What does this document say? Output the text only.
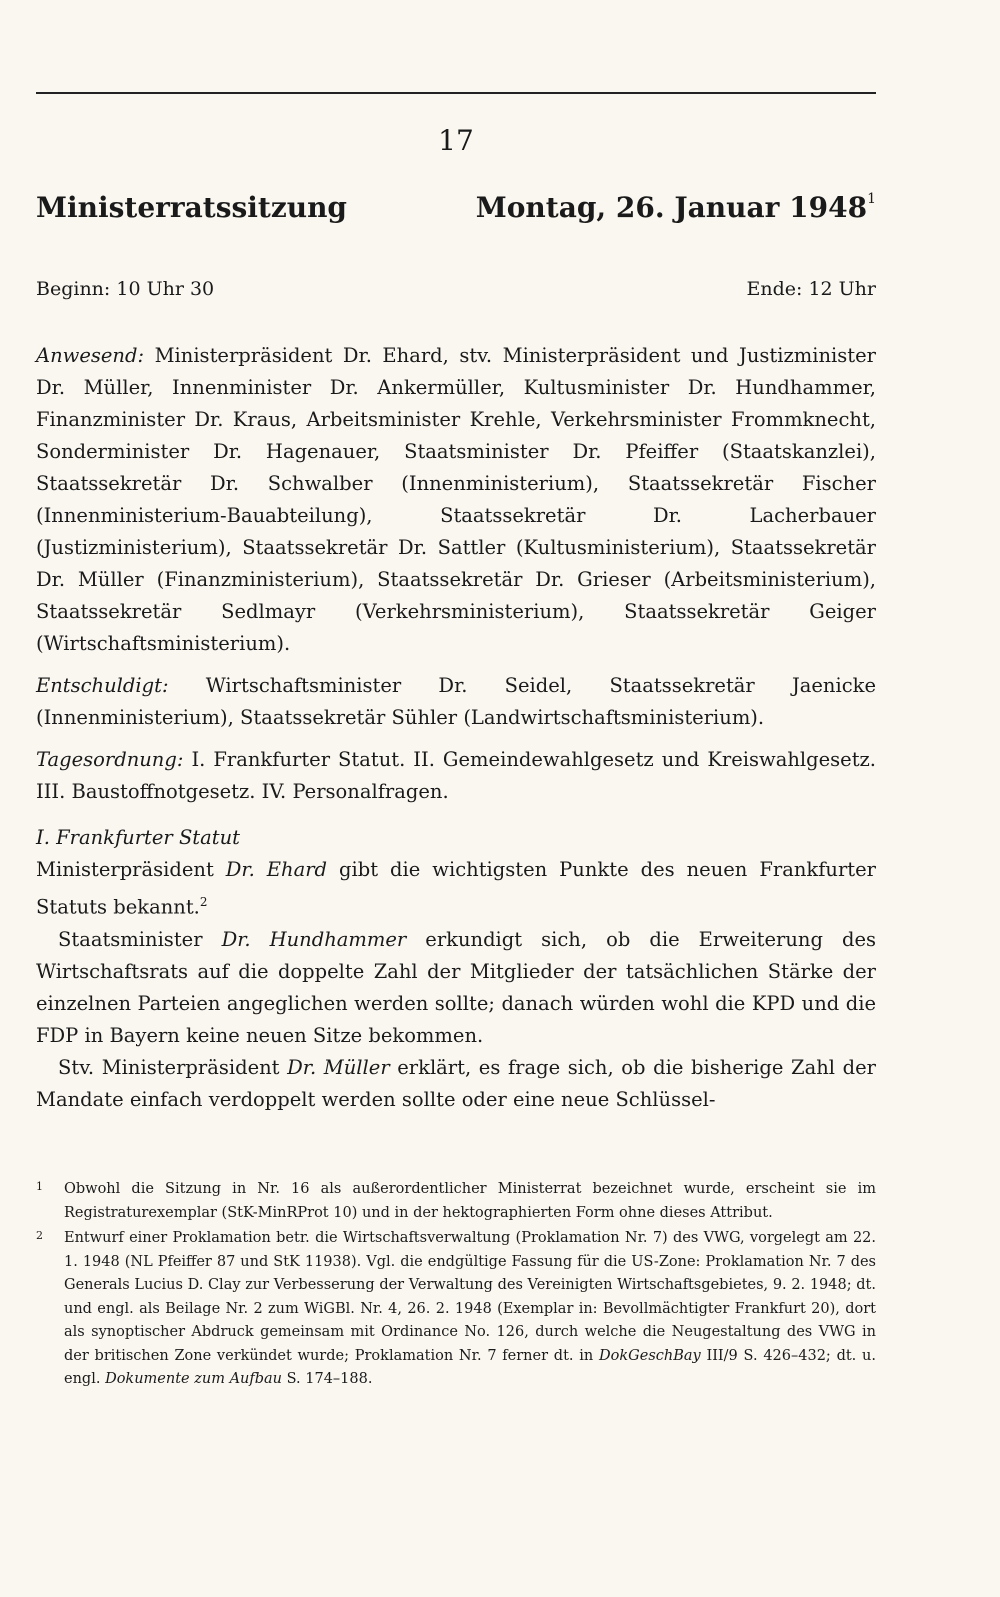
17
Ministerratssitzung	Montag, 26. Januar 1948$^1$
Beginn: 10 Uhr 30	Ende: 12 Uhr

Anwesend: Ministerpräsident Dr. Ehard, stv. Ministerpräsident und Justizminister Dr. Müller, Innenminister Dr. Ankermüller, Kultusminister Dr. Hundhammer, Finanzminister Dr. Kraus, Arbeitsminister Krehle, Verkehrsminister Frommknecht, Sonderminister Dr. Hagenauer, Staatsminister Dr. Pfeiffer (Staatskanzlei), Staatssekretär Dr. Schwalber (Innenministerium), Staatssekretär Fischer (Innenministerium-Bauabteilung), Staatssekretär Dr. Lacherbauer (Justizministerium), Staatssekretär Dr. Sattler (Kultusministerium), Staatssekretär Dr. Müller (Finanzministerium), Staatssekretär Dr. Grieser (Arbeitsministerium), Staatssekretär Sedlmayr (Verkehrsministerium), Staatssekretär Geiger (Wirtschaftsministerium).

Entschuldigt: Wirtschaftsminister Dr. Seidel, Staatssekretär Jaenicke (Innenministerium), Staatssekretär Sühler (Landwirtschaftsministerium).

Tagesordnung: I. Frankfurter Statut. II. Gemeindewahlgesetz und Kreiswahlgesetz. III. Baustoffnotgesetz. IV. Personalfragen.

I. Frankfurter Statut

Ministerpräsident Dr. Ehard gibt die wichtigsten Punkte des neuen Frankfurter Statuts bekannt.$^2$

Staatsminister Dr. Hundhammer erkundigt sich, ob die Erweiterung des Wirtschaftsrats auf die doppelte Zahl der Mitglieder der tatsächlichen Stärke der einzelnen Parteien angeglichen werden sollte; danach würden wohl die KPD und die FDP in Bayern keine neuen Sitze bekommen.

Stv. Ministerpräsident Dr. Müller erklärt, es frage sich, ob die bisherige Zahl der Mandate einfach verdoppelt werden sollte oder eine neue Schlüssel-

1	Obwohl die Sitzung in Nr. 16 als außerordentlicher Ministerrat bezeichnet wurde, erscheint sie im Registraturexemplar (StK-MinRProt 10) und in der hektographierten Form ohne dieses Attribut.
2	Entwurf einer Proklamation betr. die Wirtschaftsverwaltung (Proklamation Nr. 7) des VWG, vorgelegt am 22. 1. 1948 (NL Pfeiffer 87 und StK 11938). Vgl. die endgültige Fassung für die US-Zone: Proklamation Nr. 7 des Generals Lucius D. Clay zur Verbesserung der Verwaltung des Vereinigten Wirtschaftsgebietes, 9. 2. 1948; dt. und engl. als Beilage Nr. 2 zum WiGBl. Nr. 4, 26. 2. 1948 (Exemplar in: Bevollmächtigter Frankfurt 20), dort als synoptischer Abdruck gemeinsam mit Ordinance No. 126, durch welche die Neugestaltung des VWG in der britischen Zone verkündet wurde; Proklamation Nr. 7 ferner dt. in DokGeschBay III/9 S. 426–432; dt. u. engl. Dokumente zum Aufbau S. 174–188.
